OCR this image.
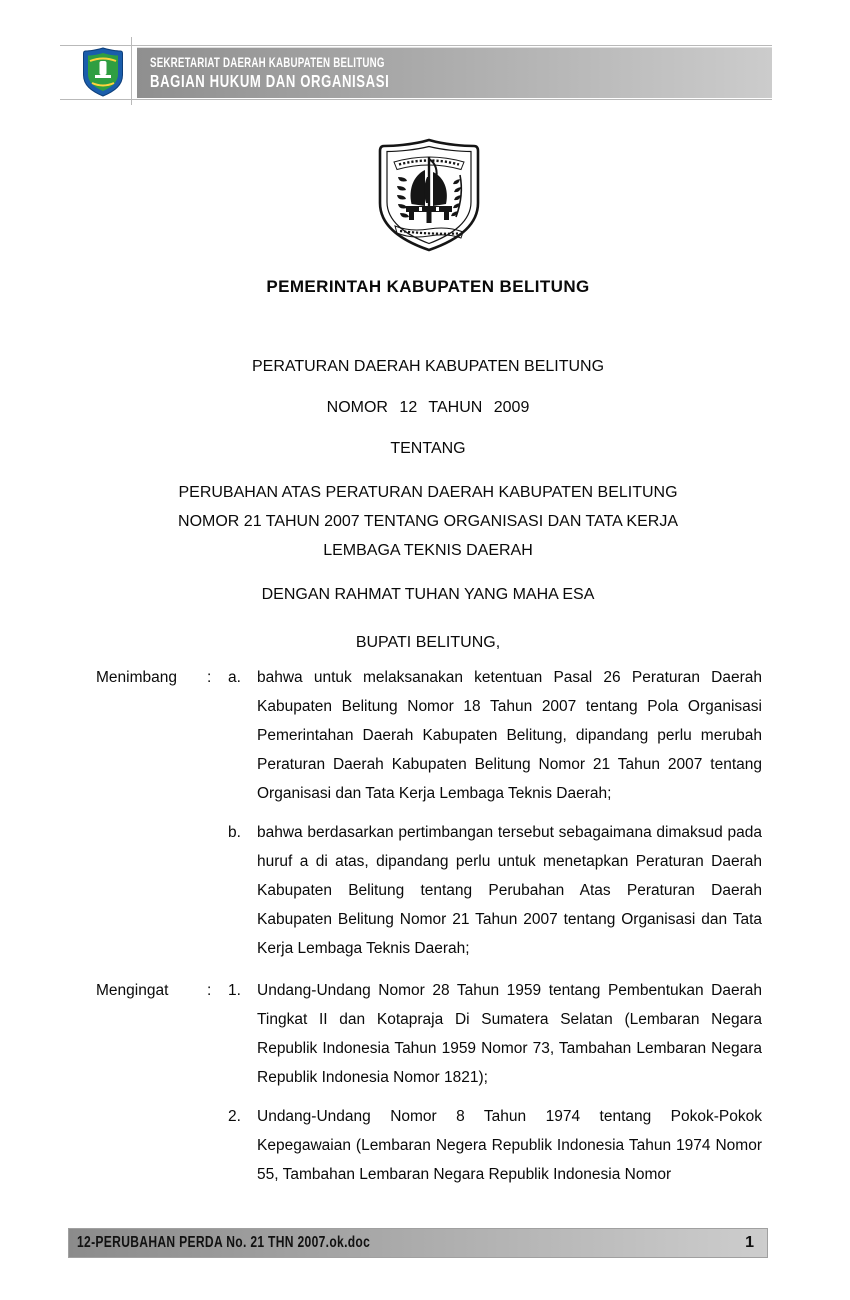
SEKRETARIAT DAERAH KABUPATEN BELITUNG
BAGIAN HUKUM DAN ORGANISASI
PEMERINTAH KABUPATEN BELITUNG
PERATURAN DAERAH KABUPATEN BELITUNG
NOMOR 12 TAHUN 2009
TENTANG
PERUBAHAN ATAS PERATURAN DAERAH KABUPATEN BELITUNG
NOMOR 21 TAHUN 2007 TENTANG ORGANISASI DAN TATA KERJA
LEMBAGA TEKNIS DAERAH
DENGAN RAHMAT TUHAN YANG MAHA ESA
BUPATI BELITUNG,
Menimbang	:	a.	bahwa untuk melaksanakan ketentuan Pasal 26 Peraturan Daerah Kabupaten Belitung Nomor 18 Tahun 2007 tentang Pola Organisasi Pemerintahan Daerah Kabupaten Belitung, dipandang perlu merubah Peraturan Daerah Kabupaten Belitung Nomor 21 Tahun 2007 tentang Organisasi dan Tata Kerja Lembaga Teknis Daerah;
b.	bahwa berdasarkan pertimbangan tersebut sebagaimana dimaksud pada huruf a di atas, dipandang perlu untuk menetapkan Peraturan Daerah Kabupaten Belitung tentang Perubahan Atas Peraturan Daerah Kabupaten Belitung Nomor 21 Tahun 2007 tentang Organisasi dan Tata Kerja Lembaga Teknis Daerah;
Mengingat	:	1.	Undang-Undang Nomor 28 Tahun 1959 tentang Pembentukan Daerah Tingkat II dan Kotapraja Di Sumatera Selatan (Lembaran Negara Republik Indonesia Tahun 1959 Nomor 73, Tambahan Lembaran Negara Republik Indonesia Nomor 1821);
2.	Undang-Undang Nomor 8 Tahun 1974 tentang Pokok-Pokok Kepegawaian (Lembaran Negera Republik Indonesia Tahun 1974 Nomor 55, Tambahan Lembaran Negara Republik Indonesia Nomor
12-PERUBAHAN PERDA No. 21 THN 2007.ok.doc	1
